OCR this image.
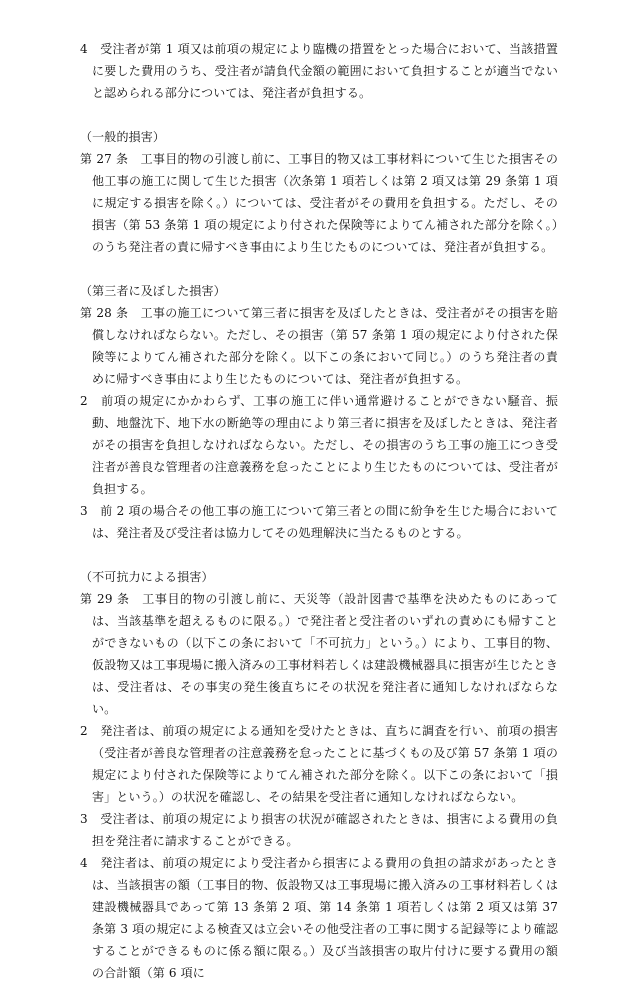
4　受注者が第 1 項又は前項の規定により臨機の措置をとった場合において、当該措置に要した費用のうち、受注者が請負代金額の範囲において負担することが適当でないと認められる部分については、発注者が負担する。

（一般的損害）

第 27 条　工事目的物の引渡し前に、工事目的物又は工事材料について生じた損害その他工事の施工に関して生じた損害（次条第 1 項若しくは第 2 項又は第 29 条第 1 項に規定する損害を除く。）については、受注者がその費用を負担する。ただし、その損害（第 53 条第 1 項の規定により付された保険等によりてん補された部分を除く。）のうち発注者の責に帰すべき事由により生じたものについては、発注者が負担する。

（第三者に及ぼした損害）

第 28 条　工事の施工について第三者に損害を及ぼしたときは、受注者がその損害を賠償しなければならない。ただし、その損害（第 57 条第 1 項の規定により付された保険等によりてん補された部分を除く。以下この条において同じ。）のうち発注者の責めに帰すべき事由により生じたものについては、発注者が負担する。

2　前項の規定にかかわらず、工事の施工に伴い通常避けることができない騒音、振動、地盤沈下、地下水の断絶等の理由により第三者に損害を及ぼしたときは、発注者がその損害を負担しなければならない。ただし、その損害のうち工事の施工につき受注者が善良な管理者の注意義務を怠ったことにより生じたものについては、受注者が負担する。

3　前 2 項の場合その他工事の施工について第三者との間に紛争を生じた場合においては、発注者及び受注者は協力してその処理解決に当たるものとする。

（不可抗力による損害）

第 29 条　工事目的物の引渡し前に、天災等（設計図書で基準を決めたものにあっては、当該基準を超えるものに限る。）で発注者と受注者のいずれの責めにも帰すことができないもの（以下この条において「不可抗力」という。）により、工事目的物、仮設物又は工事現場に搬入済みの工事材料若しくは建設機械器具に損害が生じたときは、受注者は、その事実の発生後直ちにその状況を発注者に通知しなければならない。

2　発注者は、前項の規定による通知を受けたときは、直ちに調査を行い、前項の損害（受注者が善良な管理者の注意義務を怠ったことに基づくもの及び第 57 条第 1 項の規定により付された保険等によりてん補された部分を除く。以下この条において「損害」という。）の状況を確認し、その結果を受注者に通知しなければならない。

3　受注者は、前項の規定により損害の状況が確認されたときは、損害による費用の負担を発注者に請求することができる。

4　発注者は、前項の規定により受注者から損害による費用の負担の請求があったときは、当該損害の額（工事目的物、仮設物又は工事現場に搬入済みの工事材料若しくは建設機械器具であって第 13 条第 2 項、第 14 条第 1 項若しくは第 2 項又は第 37 条第 3 項の規定による検査又は立会いその他受注者の工事に関する記録等により確認することができるものに係る額に限る。）及び当該損害の取片付けに要する費用の額の合計額（第 6 項に
